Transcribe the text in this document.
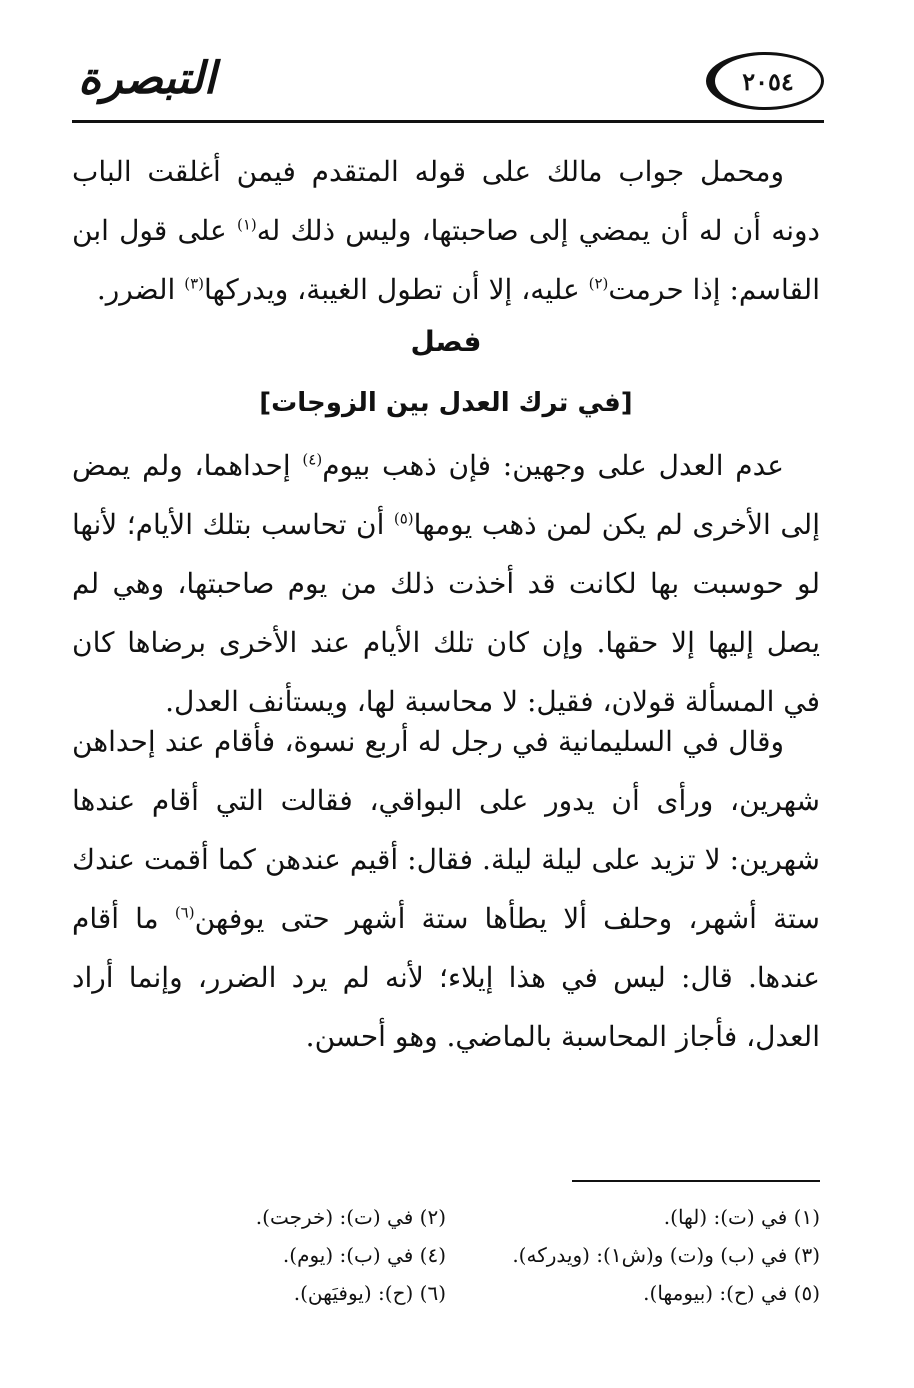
التبصرة	٢٠٥٤
ومحمل جواب مالك على قوله المتقدم فيمن أغلقت الباب دونه أن له أن يمضي إلى صاحبتها، وليس ذلك له$^{(١)}$ على قول ابن القاسم: إذا حرمت$^{(٢)}$ عليه، إلا أن تطول الغيبة، ويدركها$^{(٣)}$ الضرر.
فصل
[في ترك العدل بين الزوجات]
عدم العدل على وجهين: فإن ذهب بيوم$^{(٤)}$ إحداهما، ولم يمض إلى الأخرى لم يكن لمن ذهب يومها$^{(٥)}$ أن تحاسب بتلك الأيام؛ لأنها لو حوسبت بها لكانت قد أخذت ذلك من يوم صاحبتها، وهي لم يصل إليها إلا حقها. وإن كان تلك الأيام عند الأخرى برضاها كان في المسألة قولان، فقيل: لا محاسبة لها، ويستأنف العدل.
وقال في السليمانية في رجل له أربع نسوة، فأقام عند إحداهن شهرين، ورأى أن يدور على البواقي، فقالت التي أقام عندها شهرين: لا تزيد على ليلة ليلة. فقال: أقيم عندهن كما أقمت عندك ستة أشهر، وحلف ألا يطأها ستة أشهر حتى يوفهن$^{(٦)}$ ما أقام عندها. قال: ليس في هذا إيلاء؛ لأنه لم يرد الضرر، وإنما أراد العدل، فأجاز المحاسبة بالماضي. وهو أحسن.
(١) في (ت): (لها).
(٢) في (ت): (خرجت).
(٣) في (ب) و(ت) و(ش١): (ويدركه).
(٤) في (ب): (يوم).
(٥) في (ح): (بيومها).
(٦) (ح): (يوفيَهن).
